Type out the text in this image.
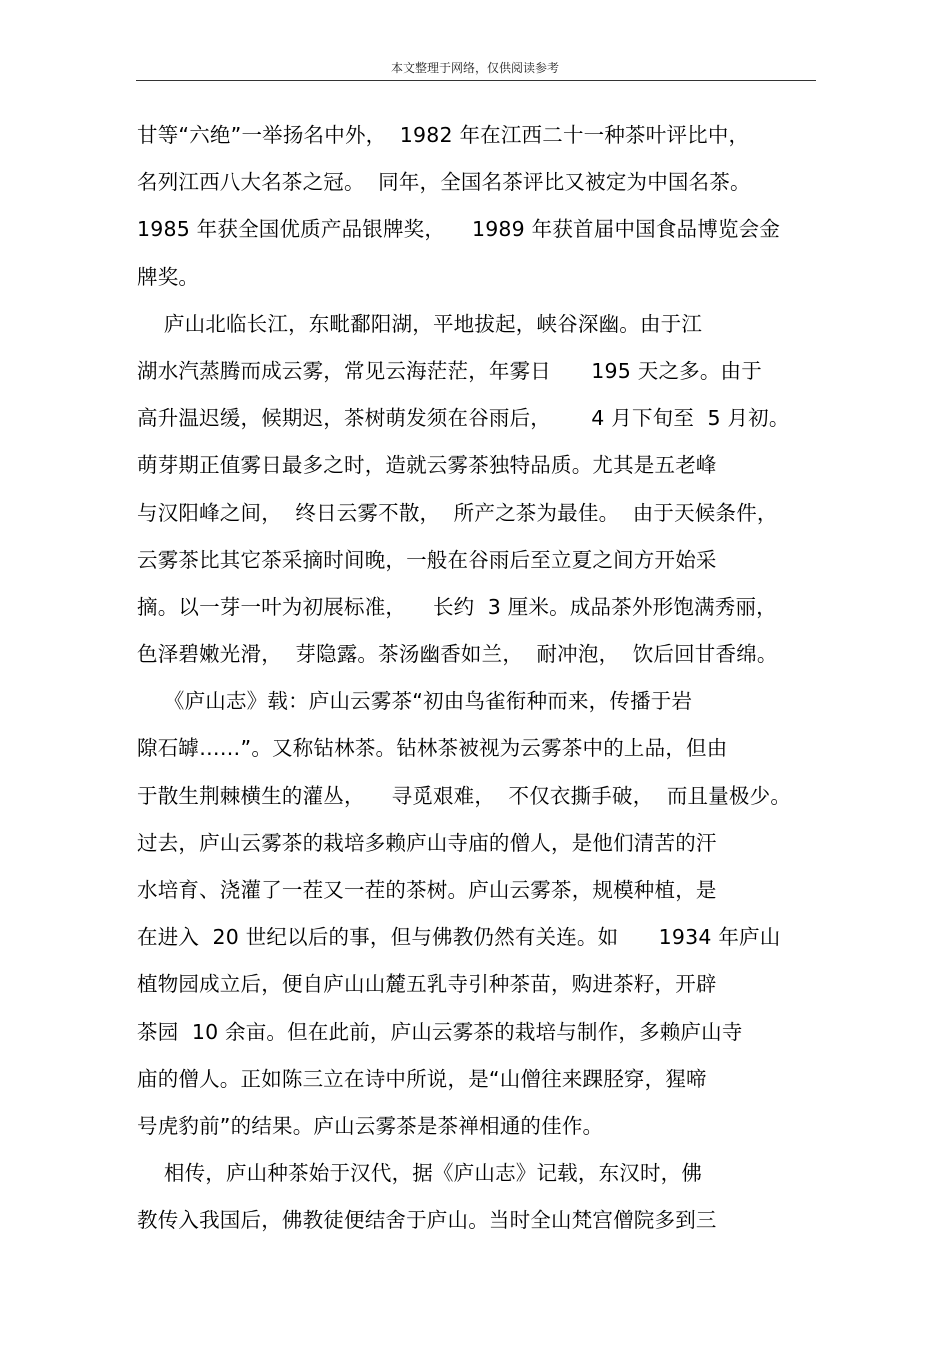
本文整理于网络，仅供阅读参考
甘等“六绝”一举扬名中外，  1982 年在江西二十一种茶叶评比中，
名列江西八大名茶之冠。  同年，全国名茶评比又被定为中国名茶。
1985 年获全国优质产品银牌奖，    1989 年获首届中国食品博览会金
牌奖。
庐山北临长江，东毗鄱阳湖，平地拔起，峡谷深幽。由于江
湖水汽蒸腾而成云雾，常见云海茫茫，年雾日      195 天之多。由于
高升温迟缓，候期迟，茶树萌发须在谷雨后，      4 月下旬至  5 月初。
萌芽期正值雾日最多之时，造就云雾茶独特品质。尤其是五老峰
与汉阳峰之间，  终日云雾不散，  所产之茶为最佳。  由于天候条件，
云雾茶比其它茶采摘时间晚，一般在谷雨后至立夏之间方开始采
摘。以一芽一叶为初展标准，    长约  3 厘米。成品茶外形饱满秀丽，
色泽碧嫩光滑，  芽隐露。茶汤幽香如兰，  耐冲泡，  饮后回甘香绵。
《庐山志》载：庐山云雾茶“初由鸟雀衔种而来，传播于岩
隙石罅……”。又称钻林茶。钻林茶被视为云雾茶中的上品，但由
于散生荆棘横生的灌丛，    寻觅艰难，  不仅衣撕手破，  而且量极少。
过去，庐山云雾茶的栽培多赖庐山寺庙的僧人，是他们清苦的汗
水培育、浇灌了一茬又一茬的茶树。庐山云雾茶，规模种植，是
在进入  20 世纪以后的事，但与佛教仍然有关连。如      1934 年庐山
植物园成立后，便自庐山山麓五乳寺引种茶苗，购进茶籽，开辟
茶园  10 余亩。但在此前，庐山云雾茶的栽培与制作，多赖庐山寺
庙的僧人。正如陈三立在诗中所说，是“山僧往来踝胫穿，猩啼
号虎豹前”的结果。庐山云雾茶是茶禅相通的佳作。
相传，庐山种茶始于汉代，据《庐山志》记载，东汉时，佛
教传入我国后，佛教徒便结舍于庐山。当时全山梵宫僧院多到三
